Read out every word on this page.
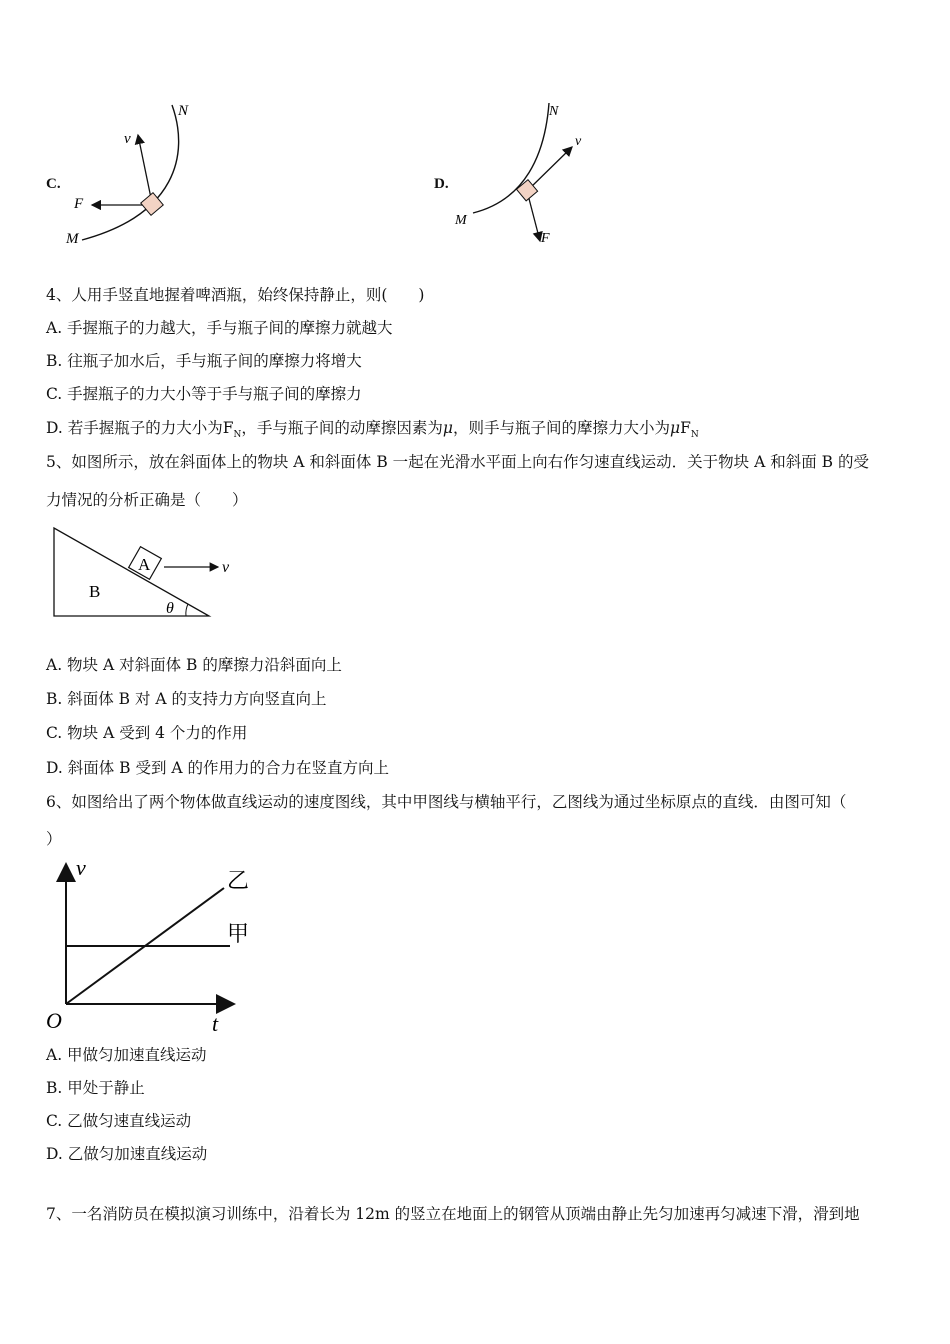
C.
N
v
F
M
D.
N
v
F
M
4、人用手竖直地握着啤酒瓶，始终保持静止，则(　　)
A. 手握瓶子的力越大，手与瓶子间的摩擦力就越大
B. 往瓶子加水后，手与瓶子间的摩擦力将增大
C. 手握瓶子的力大小等于手与瓶子间的摩擦力
D. 若手握瓶子的力大小为$F_N$，手与瓶子间的动摩擦因素为μ，则手与瓶子间的摩擦力大小为$\mu F_N$
5、如图所示，放在斜面体上的物块 A 和斜面体 B 一起在光滑水平面上向右作匀速直线运动．关于物块 A 和斜面 B 的受
力情况的分析正确是（　　）
A
B
θ
v
A. 物块 A 对斜面体 B 的摩擦力沿斜面向上
B. 斜面体 B 对 A 的支持力方向竖直向上
C. 物块 A 受到 4 个力的作用
D. 斜面体 B 受到 A 的作用力的合力在竖直方向上
6、如图给出了两个物体做直线运动的速度图线，其中甲图线与横轴平行，乙图线为通过坐标原点的直线．由图可知（
）
v
t
O
乙
甲
A. 甲做匀加速直线运动
B. 甲处于静止
C. 乙做匀速直线运动
D. 乙做匀加速直线运动
7、一名消防员在模拟演习训练中，沿着长为 12m 的竖立在地面上的钢管从顶端由静止先匀加速再匀减速下滑，滑到地
